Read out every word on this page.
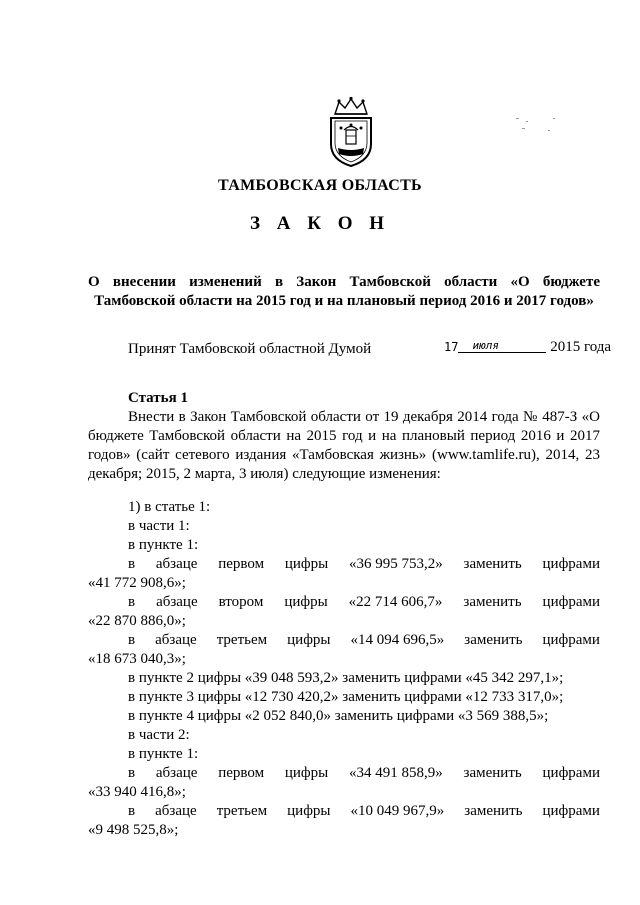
ТАМБОВСКАЯ ОБЛАСТЬ
З А К О Н
О внесении изменений в Закон Тамбовской области «О бюджете
Тамбовской области на 2015 год и на плановый период 2016 и 2017 годов»
Принят Тамбовской областной Думой	17 июля	2015 года
Статья 1
Внести в Закон Тамбовской области от 19 декабря 2014 года № 487-З «О бюджете Тамбовской области на 2015 год и на плановый период 2016 и 2017 годов» (сайт сетевого издания «Тамбовская жизнь» (www.tamlife.ru), 2014, 23 декабря; 2015, 2 марта, 3 июля) следующие изменения:
1) в статье 1:
в части 1:
в пункте 1:
в абзаце первом цифры «36 995 753,2» заменить цифрами
«41 772 908,6»;
в абзаце втором цифры «22 714 606,7» заменить цифрами
«22 870 886,0»;
в абзаце третьем цифры «14 094 696,5» заменить цифрами
«18 673 040,3»;
в пункте 2 цифры «39 048 593,2» заменить цифрами «45 342 297,1»;
в пункте 3 цифры «12 730 420,2» заменить цифрами «12 733 317,0»;
в пункте 4 цифры «2 052 840,0» заменить цифрами «3 569 388,5»;
в части 2:
в пункте 1:
в абзаце первом цифры «34 491 858,9» заменить цифрами
«33 940 416,8»;
в абзаце третьем цифры «10 049 967,9» заменить цифрами
«9 498 525,8»;
